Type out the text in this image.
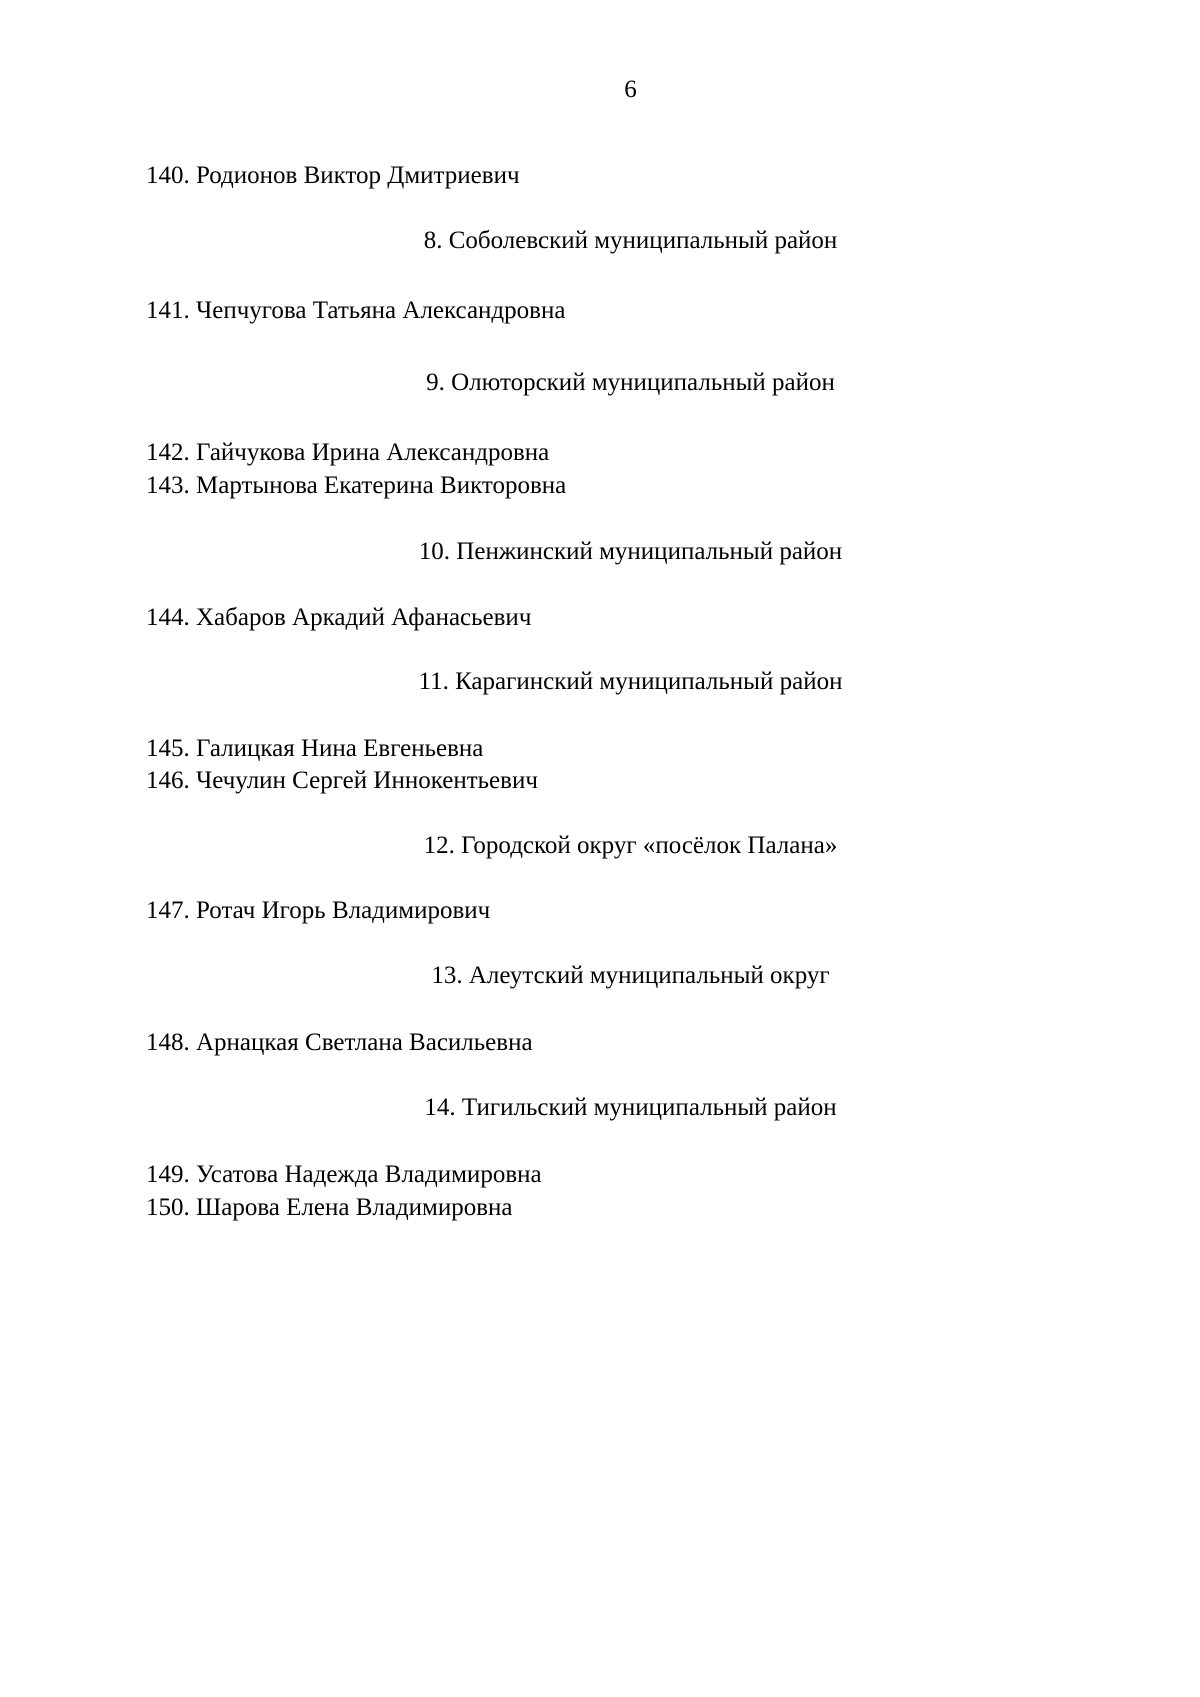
6
140. Родионов Виктор Дмитриевич
8. Соболевский муниципальный район
141. Чепчугова Татьяна Александровна
9. Олюторский муниципальный район
142. Гайчукова Ирина Александровна
143. Мартынова Екатерина Викторовна
10. Пенжинский муниципальный район
144. Хабаров Аркадий Афанасьевич
11. Карагинский муниципальный район
145. Галицкая Нина Евгеньевна
146. Чечулин Сергей Иннокентьевич
12. Городской округ «посёлок Палана»
147. Ротач Игорь Владимирович
13. Алеутский муниципальный округ
148. Арнацкая Светлана Васильевна
14. Тигильский муниципальный район
149. Усатова Надежда Владимировна
150. Шарова Елена Владимировна
